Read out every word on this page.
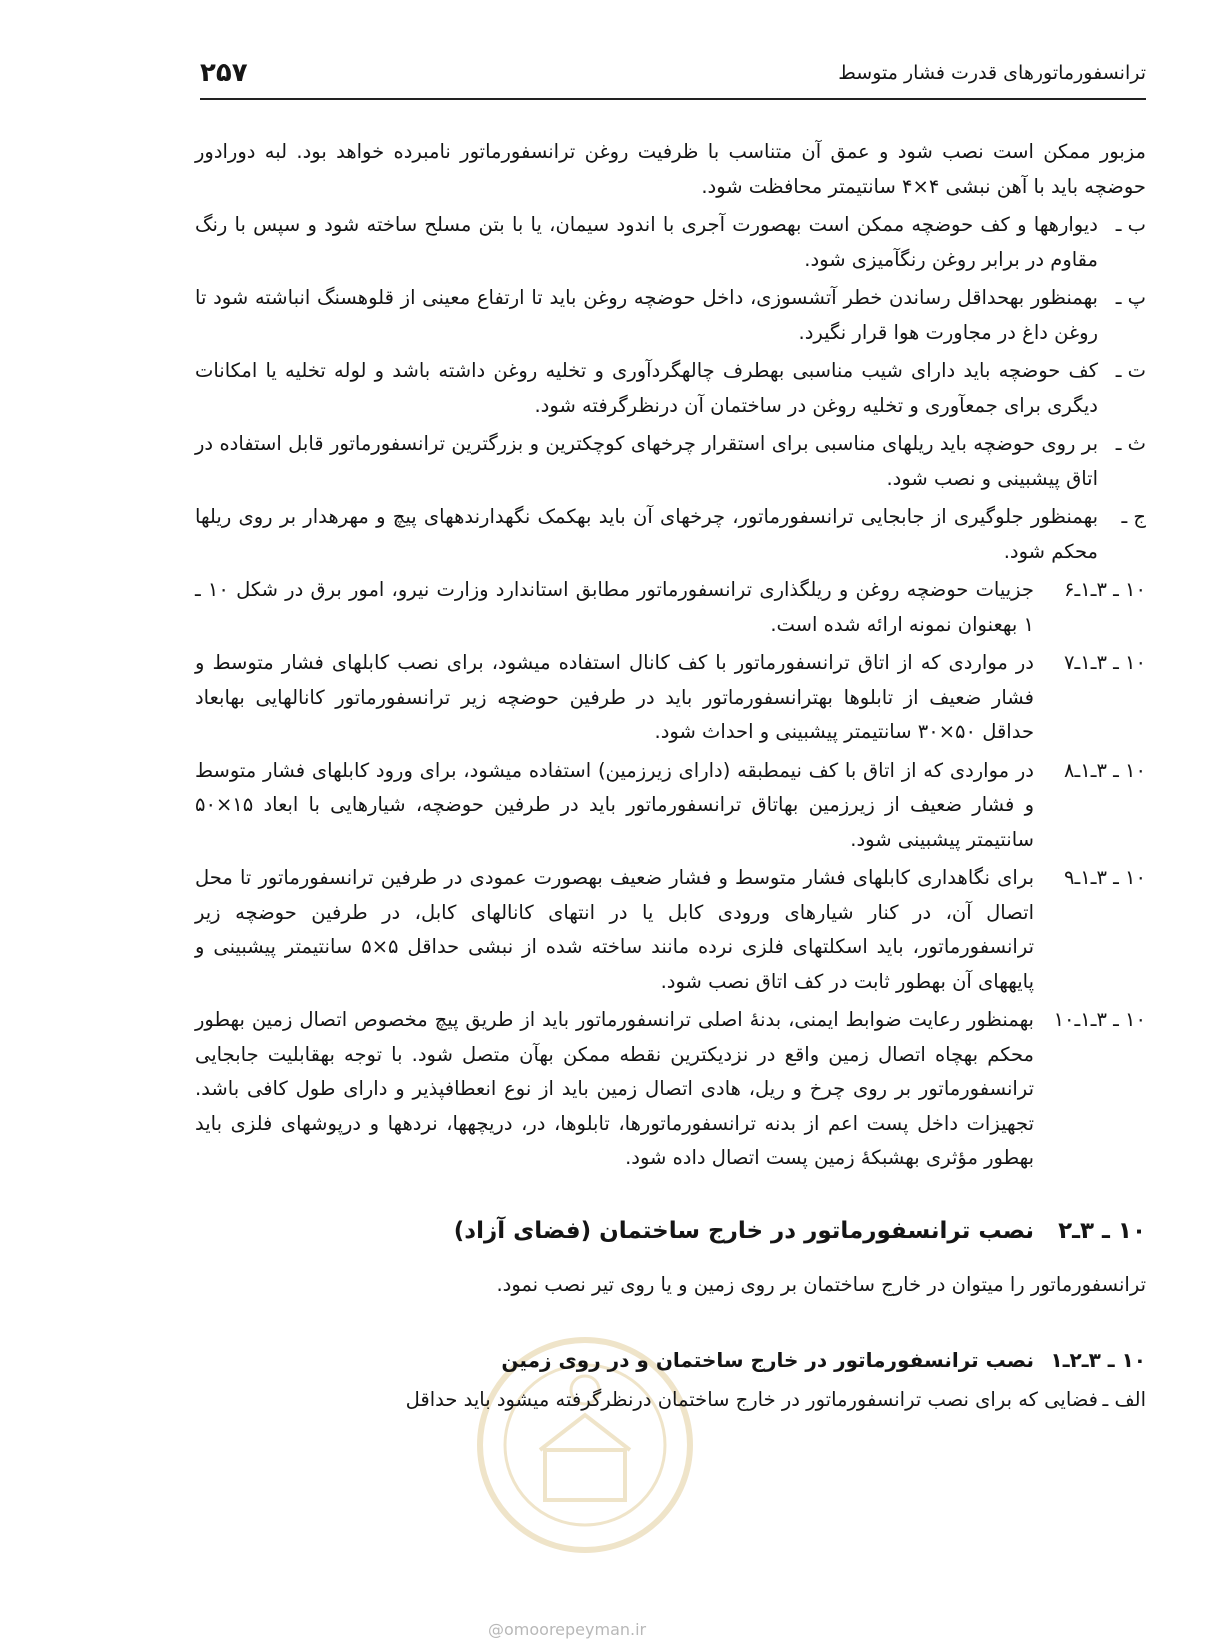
۲۵۷	ترانسفورماتورهای قدرت فشار متوسط

مزبور ممکن است نصب شود و عمق آن متناسب با ظرفیت روغن ترانسفورماتور نامبرده خواهد بود. لبه دورادور حوضچه باید با آهن نبشی ۴×۴ سانتیمتر محافظت شود.

ب ـ
دیوارهها و کف حوضچه ممکن است بهصورت آجری با اندود سیمان، یا با بتن مسلح ساخته شود و سپس با رنگ مقاوم در برابر روغن رنگآمیزی شود.
پ ـ
بهمنظور بهحداقل رساندن خطر آتشسوزی، داخل حوضچه روغن باید تا ارتفاع معینی از قلوهسنگ انباشته شود تا روغن داغ در مجاورت هوا قرار نگیرد.
ت ـ
کف حوضچه باید دارای شیب مناسبی بهطرف چالهگردآوری و تخلیه روغن داشته باشد و لوله تخلیه یا امکانات دیگری برای جمعآوری و تخلیه روغن در ساختمان آن درنظرگرفته شود.
ث ـ
بر روی حوضچه باید ریلهای مناسبی برای استقرار چرخهای کوچکترین و بزرگترین ترانسفورماتور قابل استفاده در اتاق پیشبینی و نصب شود.
ج ـ
بهمنظور جلوگیری از جابجایی ترانسفورماتور، چرخهای آن باید بهکمک نگهدارندههای پیچ و مهرهدار بر روی ریلها محکم شود.
۱۰ ـ ۳ـ۱ـ۶
جزییات حوضچه روغن و ریلگذاری ترانسفورماتور مطابق استاندارد وزارت نیرو، امور برق در شکل ۱۰ ـ ۱ بهعنوان نمونه ارائه شده است.
۱۰ ـ ۳ـ۱ـ۷
در مواردی که از اتاق ترانسفورماتور با کف کانال استفاده میشود، برای نصب کابلهای فشار متوسط و فشار ضعیف از تابلوها بهترانسفورماتور باید در طرفین حوضچه زیر ترانسفورماتور کانالهایی بهابعاد حداقل ۵۰×۳۰ سانتیمتر پیشبینی و احداث شود.
۱۰ ـ ۳ـ۱ـ۸
در مواردی که از اتاق با کف نیمطبقه (دارای زیرزمین) استفاده میشود، برای ورود کابلهای فشار متوسط و فشار ضعیف از زیرزمین بهاتاق ترانسفورماتور باید در طرفین حوضچه، شیارهایی با ابعاد ۱۵×۵۰ سانتیمتر پیشبینی شود.
۱۰ ـ ۳ـ۱ـ۹
برای نگاهداری کابلهای فشار متوسط و فشار ضعیف بهصورت عمودی در طرفین ترانسفورماتور تا محل اتصال آن، در کنار شیارهای ورودی کابل یا در انتهای کانالهای کابل، در طرفین حوضچه زیر ترانسفورماتور، باید اسکلتهای فلزی نرده مانند ساخته شده از نبشی حداقل ۵×۵ سانتیمتر پیشبینی و پایههای آن بهطور ثابت در کف اتاق نصب شود.
۱۰ ـ ۳ـ۱ـ۱۰
بهمنظور رعایت ضوابط ایمنی، بدنهٔ اصلی ترانسفورماتور باید از طریق پیچ مخصوص اتصال زمین بهطور محکم بهچاه اتصال زمین واقع در نزدیکترین نقطه ممکن بهآن متصل شود. با توجه بهقابلیت جابجایی ترانسفورماتور بر روی چرخ و ریل، هادی اتصال زمین باید از نوع انعطافپذیر و دارای طول کافی باشد. تجهیزات داخل پست اعم از بدنه ترانسفورماتورها، تابلوها، در، دریچهها، نردهها و درپوشهای فلزی باید بهطور مؤثری بهشبکهٔ زمین پست اتصال داده شود.
۱۰ ـ ۳ـ۲
نصب ترانسفورماتور در خارج ساختمان (فضای آزاد)

ترانسفورماتور را میتوان در خارج ساختمان بر روی زمین و یا روی تیر نصب نمود.

۱۰ ـ ۳ـ۲ـ۱
نصب ترانسفورماتور در خارج ساختمان و در روی زمین
الف ـ
فضایی که برای نصب ترانسفورماتور در خارج ساختمان درنظرگرفته میشود باید حداقل
@omoorepeyman.ir
